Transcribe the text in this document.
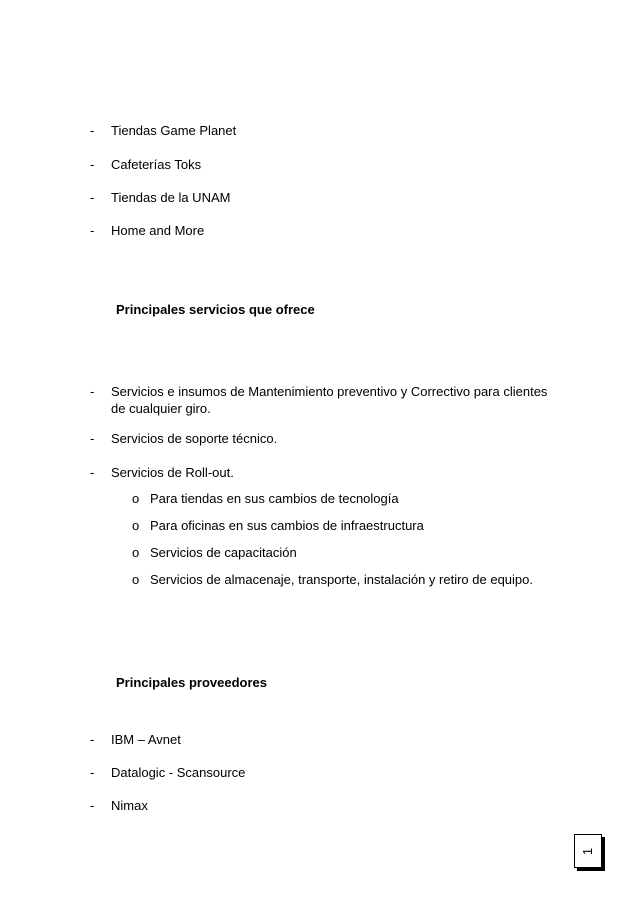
- Tiendas Game Planet
- Cafeterías Toks
- Tiendas de la UNAM
- Home and More
Principales servicios que ofrece
- Servicios e insumos de Mantenimiento preventivo y Correctivo para clientes
de cualquier giro.
- Servicios de soporte técnico.
- Servicios de Roll-out.
o Para tiendas en sus cambios de tecnología
o Para oficinas en sus cambios de infraestructura
o Servicios de capacitación
o Servicios de almacenaje, transporte, instalación y retiro de equipo.
Principales proveedores
- IBM – Avnet
- Datalogic - Scansource
- Nimax
1
